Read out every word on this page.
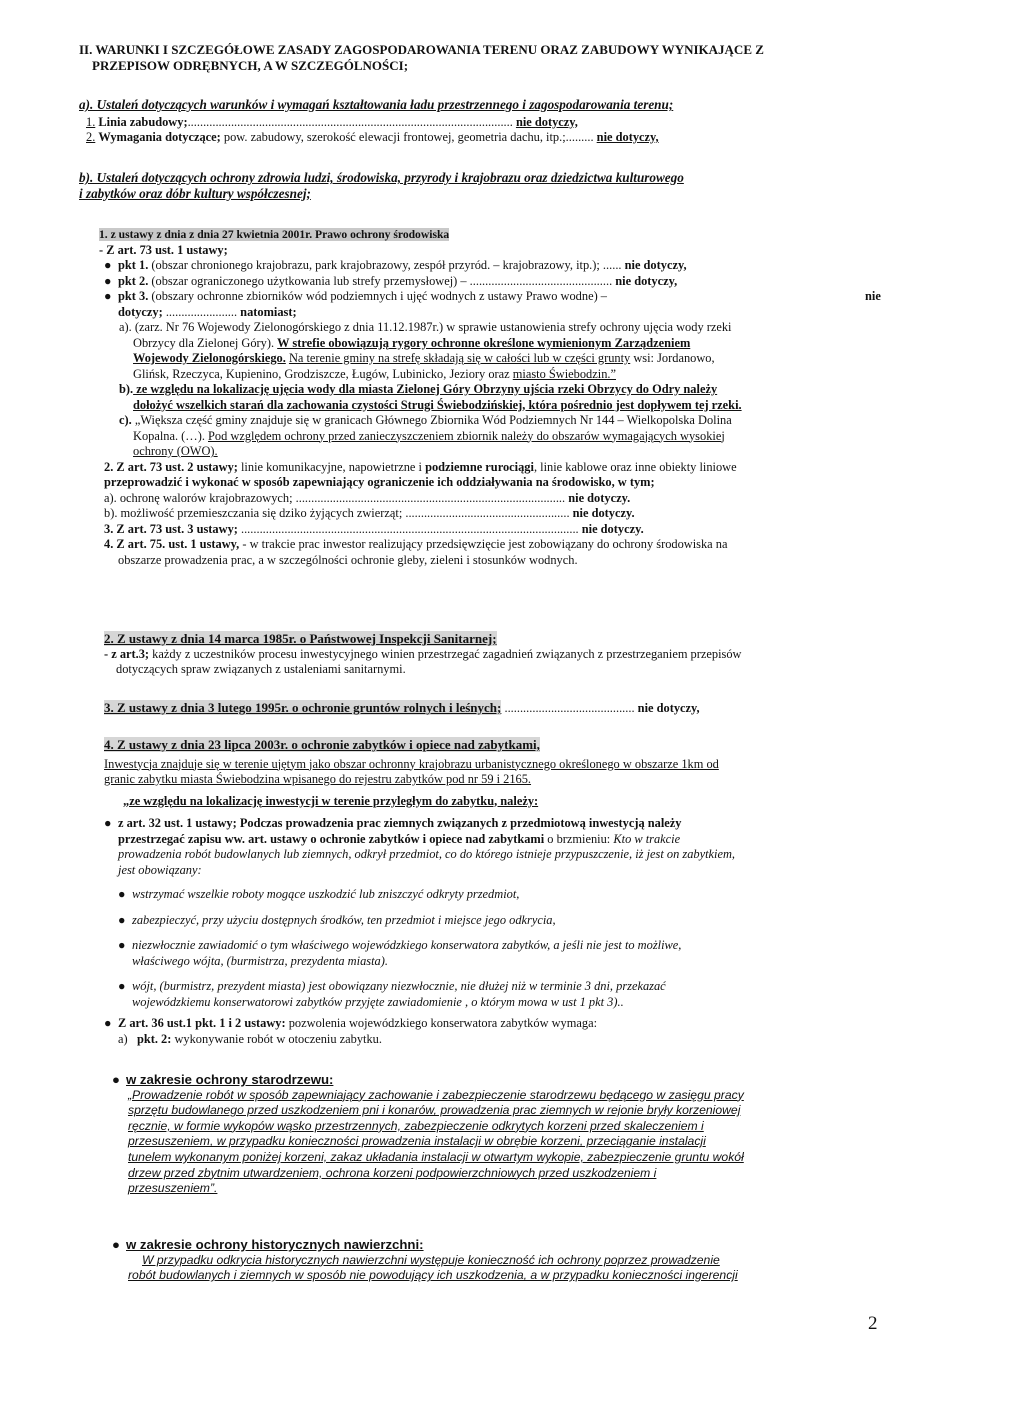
II. WARUNKI I SZCZEGÓŁOWE ZASADY ZAGOSPODAROWANIA TERENU ORAZ ZABUDOWY WYNIKAJĄCE Z
PRZEPISOW ODRĘBNYCH, A W SZCZEGÓLNOŚCI;
a). Ustaleń dotyczących warunków i wymagań kształtowania ładu przestrzennego i zagospodarowania terenu;
1. Linia zabudowy;......................................................................................................... nie dotyczy,
2. Wymagania dotyczące; pow. zabudowy, szerokość elewacji frontowej, geometria dachu, itp.;......... nie dotyczy,
b). Ustaleń dotyczących ochrony zdrowia ludzi, środowiska, przyrody i krajobrazu oraz dziedzictwa kulturowego
i zabytków oraz dóbr kultury współczesnej;
1. z ustawy z dnia z dnia 27 kwietnia 2001r. Prawo ochrony środowiska
- Z art. 73 ust. 1 ustawy;
● pkt 1. (obszar chronionego krajobrazu, park krajobrazowy, zespół przyród. – krajobrazowy, itp.); ...... nie dotyczy,
● pkt 2. (obszar ograniczonego użytkowania lub strefy przemysłowej) – .............................................. nie dotyczy,
● pkt 3. (obszary ochronne zbiorników wód podziemnych i ujęć wodnych z ustawy Prawo wodne) –	nie
dotyczy; ....................... natomiast;
a). (zarz. Nr 76 Wojewody Zielonogórskiego z dnia 11.12.1987r.) w sprawie ustanowienia strefy ochrony ujęcia wody rzeki
Obrzycy dla Zielonej Góry). W strefie obowiązują rygory ochronne określone wymienionym Zarządzeniem
Wojewody Zielonogórskiego. Na terenie gminy na strefę składają się w całości lub w części grunty wsi: Jordanowo,
Glińsk, Rzeczyca, Kupienino, Grodziszcze, Ługów, Lubinicko, Jeziory oraz miasto Świebodzin.”
b). ze względu na lokalizację ujęcia wody dla miasta Zielonej Góry Obrzyny ujścia rzeki Obrzycy do Odry należy
dołożyć wszelkich starań dla zachowania czystości Strugi Świebodzińskiej, która pośrednio jest dopływem tej rzeki.
c). „Większa część gminy znajduje się w granicach Głównego Zbiornika Wód Podziemnych Nr 144 – Wielkopolska Dolina
Kopalna. (…). Pod względem ochrony przed zanieczyszczeniem zbiornik należy do obszarów wymagających wysokiej
ochrony (OWO).
2. Z art. 73 ust. 2 ustawy; linie komunikacyjne, napowietrzne i podziemne rurociągi, linie kablowe oraz inne obiekty liniowe
przeprowadzić i wykonać w sposób zapewniający ograniczenie ich oddziaływania na środowisko, w tym;
a). ochronę walorów krajobrazowych; ....................................................................................... nie dotyczy.
b). możliwość przemieszczania się dziko żyjących zwierząt; ..................................................... nie dotyczy.
3. Z art. 73 ust. 3 ustawy; ............................................................................................................. nie dotyczy.
4. Z art. 75. ust. 1 ustawy, - w trakcie prac inwestor realizujący przedsięwzięcie jest zobowiązany do ochrony środowiska na
obszarze prowadzenia prac, a w szczególności ochronie gleby, zieleni i stosunków wodnych.
2. Z ustawy z dnia 14 marca 1985r. o Państwowej Inspekcji Sanitarnej;
- z art.3; każdy z uczestników procesu inwestycyjnego winien przestrzegać zagadnień związanych z przestrzeganiem przepisów
dotyczących spraw związanych z ustaleniami sanitarnymi.
3. Z ustawy z dnia 3 lutego 1995r. o ochronie gruntów rolnych i leśnych; .......................................... nie dotyczy,
4. Z ustawy z dnia 23 lipca 2003r. o ochronie zabytków i opiece nad zabytkami,
Inwestycja znajduje się w terenie ujętym jako obszar ochronny krajobrazu urbanistycznego określonego w obszarze 1km od
granic zabytku miasta Świebodzina wpisanego do rejestru zabytków pod nr 59 i 2165.
„ze względu na lokalizację inwestycji w terenie przyległym do zabytku, należy:
● z art. 32 ust. 1 ustawy; Podczas prowadzenia prac ziemnych związanych z przedmiotową inwestycją należy
przestrzegać zapisu ww. art. ustawy o ochronie zabytków i opiece nad zabytkami o brzmieniu: Kto w trakcie
prowadzenia robót budowlanych lub ziemnych, odkrył przedmiot, co do którego istnieje przypuszczenie, iż jest on zabytkiem,
jest obowiązany:
● wstrzymać wszelkie roboty mogące uszkodzić lub zniszczyć odkryty przedmiot,
● zabezpieczyć, przy użyciu dostępnych środków, ten przedmiot i miejsce jego odkrycia,
● niezwłocznie zawiadomić o tym właściwego wojewódzkiego konserwatora zabytków, a jeśli nie jest to możliwe,
właściwego wójta, (burmistrza, prezydenta miasta).
● wójt, (burmistrz, prezydent miasta) jest obowiązany niezwłocznie, nie dłużej niż w terminie 3 dni, przekazać
wojewódzkiemu konserwatorowi zabytków przyjęte zawiadomienie , o którym mowa w ust 1 pkt 3)..
● Z art. 36 ust.1 pkt. 1 i 2 ustawy: pozwolenia wojewódzkiego konserwatora zabytków wymaga:
a) pkt. 2: wykonywanie robót w otoczeniu zabytku.
● w zakresie ochrony starodrzewu:
„Prowadzenie robót w sposób zapewniający zachowanie i zabezpieczenie starodrzewu będącego w zasięgu pracy
sprzętu budowlanego przed uszkodzeniem pni i konarów, prowadzenia prac ziemnych w rejonie bryły korzeniowej
ręcznie, w formie wykopów wąsko przestrzennych, zabezpieczenie odkrytych korzeni przed skaleczeniem i
przesuszeniem, w przypadku konieczności prowadzenia instalacji w obrębie korzeni, przeciąganie instalacji
tunelem wykonanym poniżej korzeni, zakaz układania instalacji w otwartym wykopie, zabezpieczenie gruntu wokół
drzew przed zbytnim utwardzeniem, ochrona korzeni podpowierzchniowych przed uszkodzeniem i
przesuszeniem”.
● w zakresie ochrony historycznych nawierzchni:
W przypadku odkrycia historycznych nawierzchni występuje konieczność ich ochrony poprzez prowadzenie
robót budowlanych i ziemnych w sposób nie powodujący ich uszkodzenia, a w przypadku konieczności ingerencji
2
